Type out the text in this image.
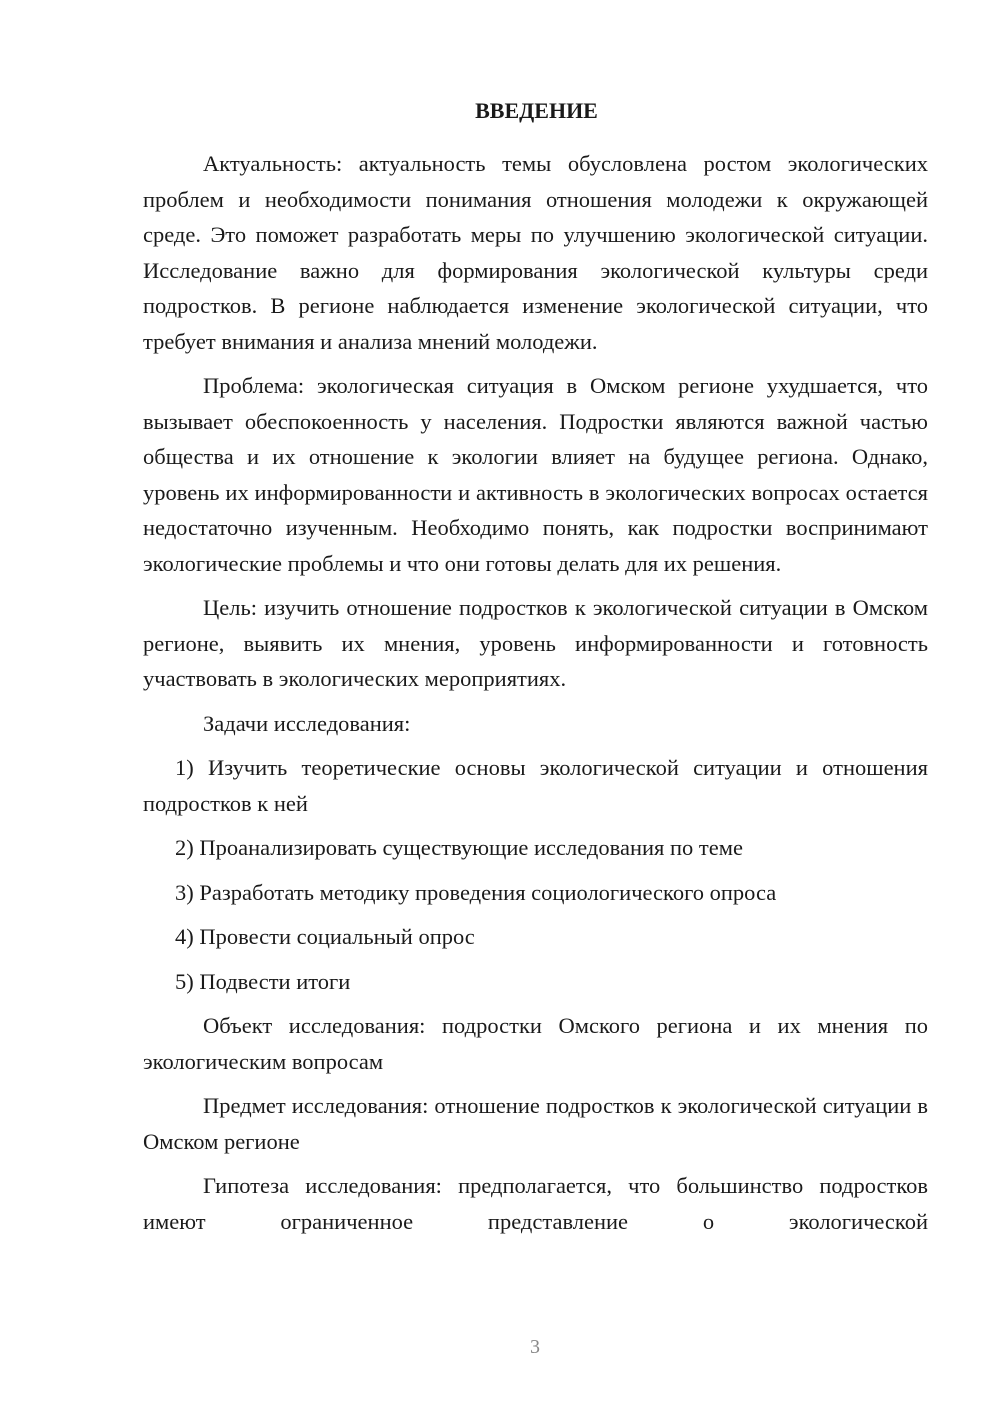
ВВЕДЕНИЕ

Актуальность: актуальность темы обусловлена ростом экологических проблем и необходимости понимания отношения молодежи к окружающей среде. Это поможет разработать меры по улучшению экологической ситуации. Исследование важно для формирования экологической культуры среди подростков. В регионе наблюдается изменение экологической ситуации, что требует внимания и анализа мнений молодежи.

Проблема: экологическая ситуация в Омском регионе ухудшается, что вызывает обеспокоенность у населения. Подростки являются важной частью общества и их отношение к экологии влияет на будущее региона. Однако, уровень их информированности и активность в экологических вопросах остается недостаточно изученным. Необходимо понять, как подростки воспринимают экологические проблемы и что они готовы делать для их решения.

Цель: изучить отношение подростков к экологической ситуации в Омском регионе, выявить их мнения, уровень информированности и готовность участвовать в экологических мероприятиях.

Задачи исследования:

1) Изучить теоретические основы экологической ситуации и отношения подростков к ней

2) Проанализировать существующие исследования по теме

3) Разработать методику проведения социологического опроса

4) Провести социальный опрос

5) Подвести итоги

Объект исследования: подростки Омского региона и их мнения по экологическим вопросам

Предмет исследования: отношение подростков к экологической ситуации в Омском регионе

Гипотеза исследования: предполагается, что большинство подростков имеют ограниченное представление о экологической

3
